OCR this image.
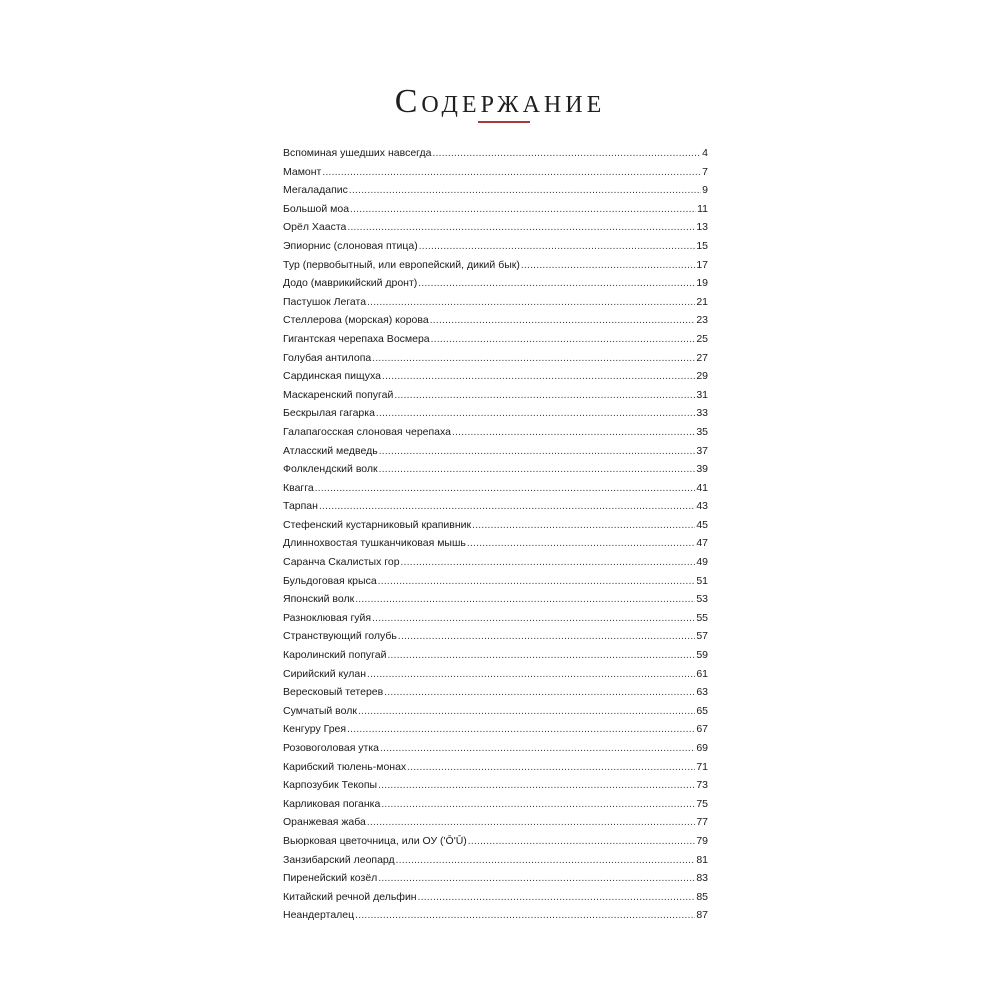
Содержание
Вспоминая ушедших навсегда .....	4
Мамонт .....	7
Мегаладапис .....	9
Большой моа .....	11
Орёл Хааста .....	13
Эпиорнис (слоновая птица) .....	15
Тур (первобытный, или европейский, дикий бык) .....	17
Додо (маврикийский дронт) .....	19
Пастушок Легата .....	21
Стеллерова (морская) корова .....	23
Гигантская черепаха Восмера .....	25
Голубая антилопа .....	27
Сардинская пищуха .....	29
Маскаренский попугай .....	31
Бескрылая гагарка .....	33
Галапагосская слоновая черепаха .....	35
Атласский медведь .....	37
Фолклендский волк .....	39
Квагга .....	41
Тарпан .....	43
Стефенский кустарниковый крапивник .....	45
Длиннохвостая тушканчиковая мышь .....	47
Саранча Скалистых гор .....	49
Бульдоговая крыса .....	51
Японский волк .....	53
Разноклювая гуйя .....	55
Странствующий голубь .....	57
Каролинский попугай .....	59
Сирийский кулан .....	61
Вересковый тетерев .....	63
Сумчатый волк .....	65
Кенгуру Грея .....	67
Розовоголовая утка .....	69
Карибский тюлень-монах .....	71
Карпозубик Текопы .....	73
Карликовая поганка .....	75
Оранжевая жаба .....	77
Вьюрковая цветочница, или ОУ ('Ō'Ū) .....	79
Занзибарский леопард .....	81
Пиренейский козёл .....	83
Китайский речной дельфин .....	85
Неандерталец .....	87
